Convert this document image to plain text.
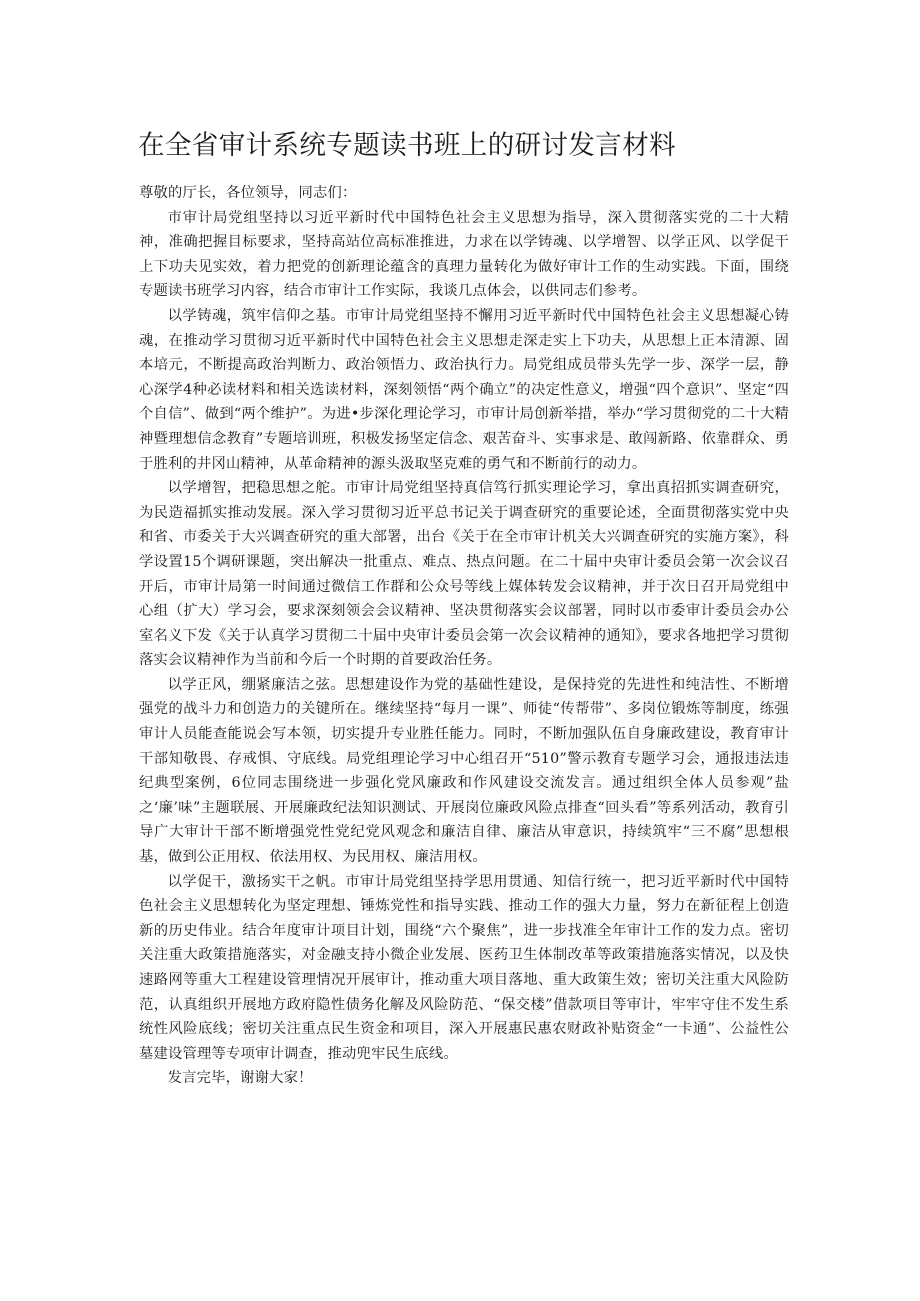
在全省审计系统专题读书班上的研讨发言材料

尊敬的厅长，各位领导，同志们：

市审计局党组坚持以习近平新时代中国特色社会主义思想为指导，深入贯彻落实党的二十大精神，准确把握目标要求，坚持高站位高标准推进，力求在以学铸魂、以学增智、以学正风、以学促干上下功夫见实效，着力把党的创新理论蕴含的真理力量转化为做好审计工作的生动实践。下面，围绕专题读书班学习内容，结合市审计工作实际，我谈几点体会，以供同志们参考。

以学铸魂，筑牢信仰之基。市审计局党组坚持不懈用习近平新时代中国特色社会主义思想凝心铸魂，在推动学习贯彻习近平新时代中国特色社会主义思想走深走实上下功夫，从思想上正本清源、固本培元，不断提高政治判断力、政治领悟力、政治执行力。局党组成员带头先学一步、深学一层，静心深学4种必读材料和相关选读材料，深刻领悟“两个确立”的决定性意义，增强“四个意识”、坚定“四个自信”、做到“两个维护”。为进•步深化理论学习，市审计局创新举措，举办“学习贯彻党的二十大精神暨理想信念教育”专题培训班，积极发扬坚定信念、艰苦奋斗、实事求是、敢闯新路、依靠群众、勇于胜利的井冈山精神，从革命精神的源头汲取坚克难的勇气和不断前行的动力。

以学增智，把稳思想之舵。市审计局党组坚持真信笃行抓实理论学习，拿出真招抓实调查研究，为民造福抓实推动发展。深入学习贯彻习近平总书记关于调查研究的重要论述，全面贯彻落实党中央和省、市委关于大兴调查研究的重大部署，出台《关于在全市审计机关大兴调查研究的实施方案》，科学设置15个调研课题，突出解决一批重点、难点、热点问题。在二十届中央审计委员会第一次会议召开后，市审计局第一时间通过微信工作群和公众号等线上媒体转发会议精神，并于次日召开局党组中心组（扩大）学习会，要求深刻领会会议精神、坚决贯彻落实会议部署，同时以市委审计委员会办公室名义下发《关于认真学习贯彻二十届中央审计委员会第一次会议精神的通知》，要求各地把学习贯彻落实会议精神作为当前和今后一个时期的首要政治任务。

以学正风，绷紧廉洁之弦。思想建设作为党的基础性建设，是保持党的先进性和纯洁性、不断增强党的战斗力和创造力的关键所在。继续坚持“每月一课”、师徒“传帮带”、多岗位锻炼等制度，练强审计人员能查能说会写本领，切实提升专业胜任能力。同时，不断加强队伍自身廉政建设，教育审计干部知敬畏、存戒惧、守底线。局党组理论学习中心组召开“510”警示教育专题学习会，通报违法违纪典型案例，6位同志围绕进一步强化党风廉政和作风建设交流发言。通过组织全体人员参观”盐之‘廉’味”主题联展、开展廉政纪法知识测试、开展岗位廉政风险点排查“回头看”等系列活动，教育引导广大审计干部不断增强党性党纪党风观念和廉洁自律、廉洁从审意识，持续筑牢“三不腐”思想根基，做到公正用权、依法用权、为民用权、廉洁用权。

以学促干，激扬实干之帆。市审计局党组坚持学思用贯通、知信行统一，把习近平新时代中国特色社会主义思想转化为坚定理想、锤炼党性和指导实践、推动工作的强大力量，努力在新征程上创造新的历史伟业。结合年度审计项目计划，围绕“六个聚焦”，进一步找准全年审计工作的发力点。密切关注重大政策措施落实，对金融支持小微企业发展、医药卫生体制改革等政策措施落实情况，以及快速路网等重大工程建设管理情况开展审计，推动重大项目落地、重大政策生效；密切关注重大风险防范，认真组织开展地方政府隐性债务化解及风险防范、“保交楼”借款项目等审计，牢牢守住不发生系统性风险底线；密切关注重点民生资金和项目，深入开展惠民惠农财政补贴资金“一卡通”、公益性公墓建设管理等专项审计调查，推动兜牢民生底线。

发言完毕，谢谢大家！
